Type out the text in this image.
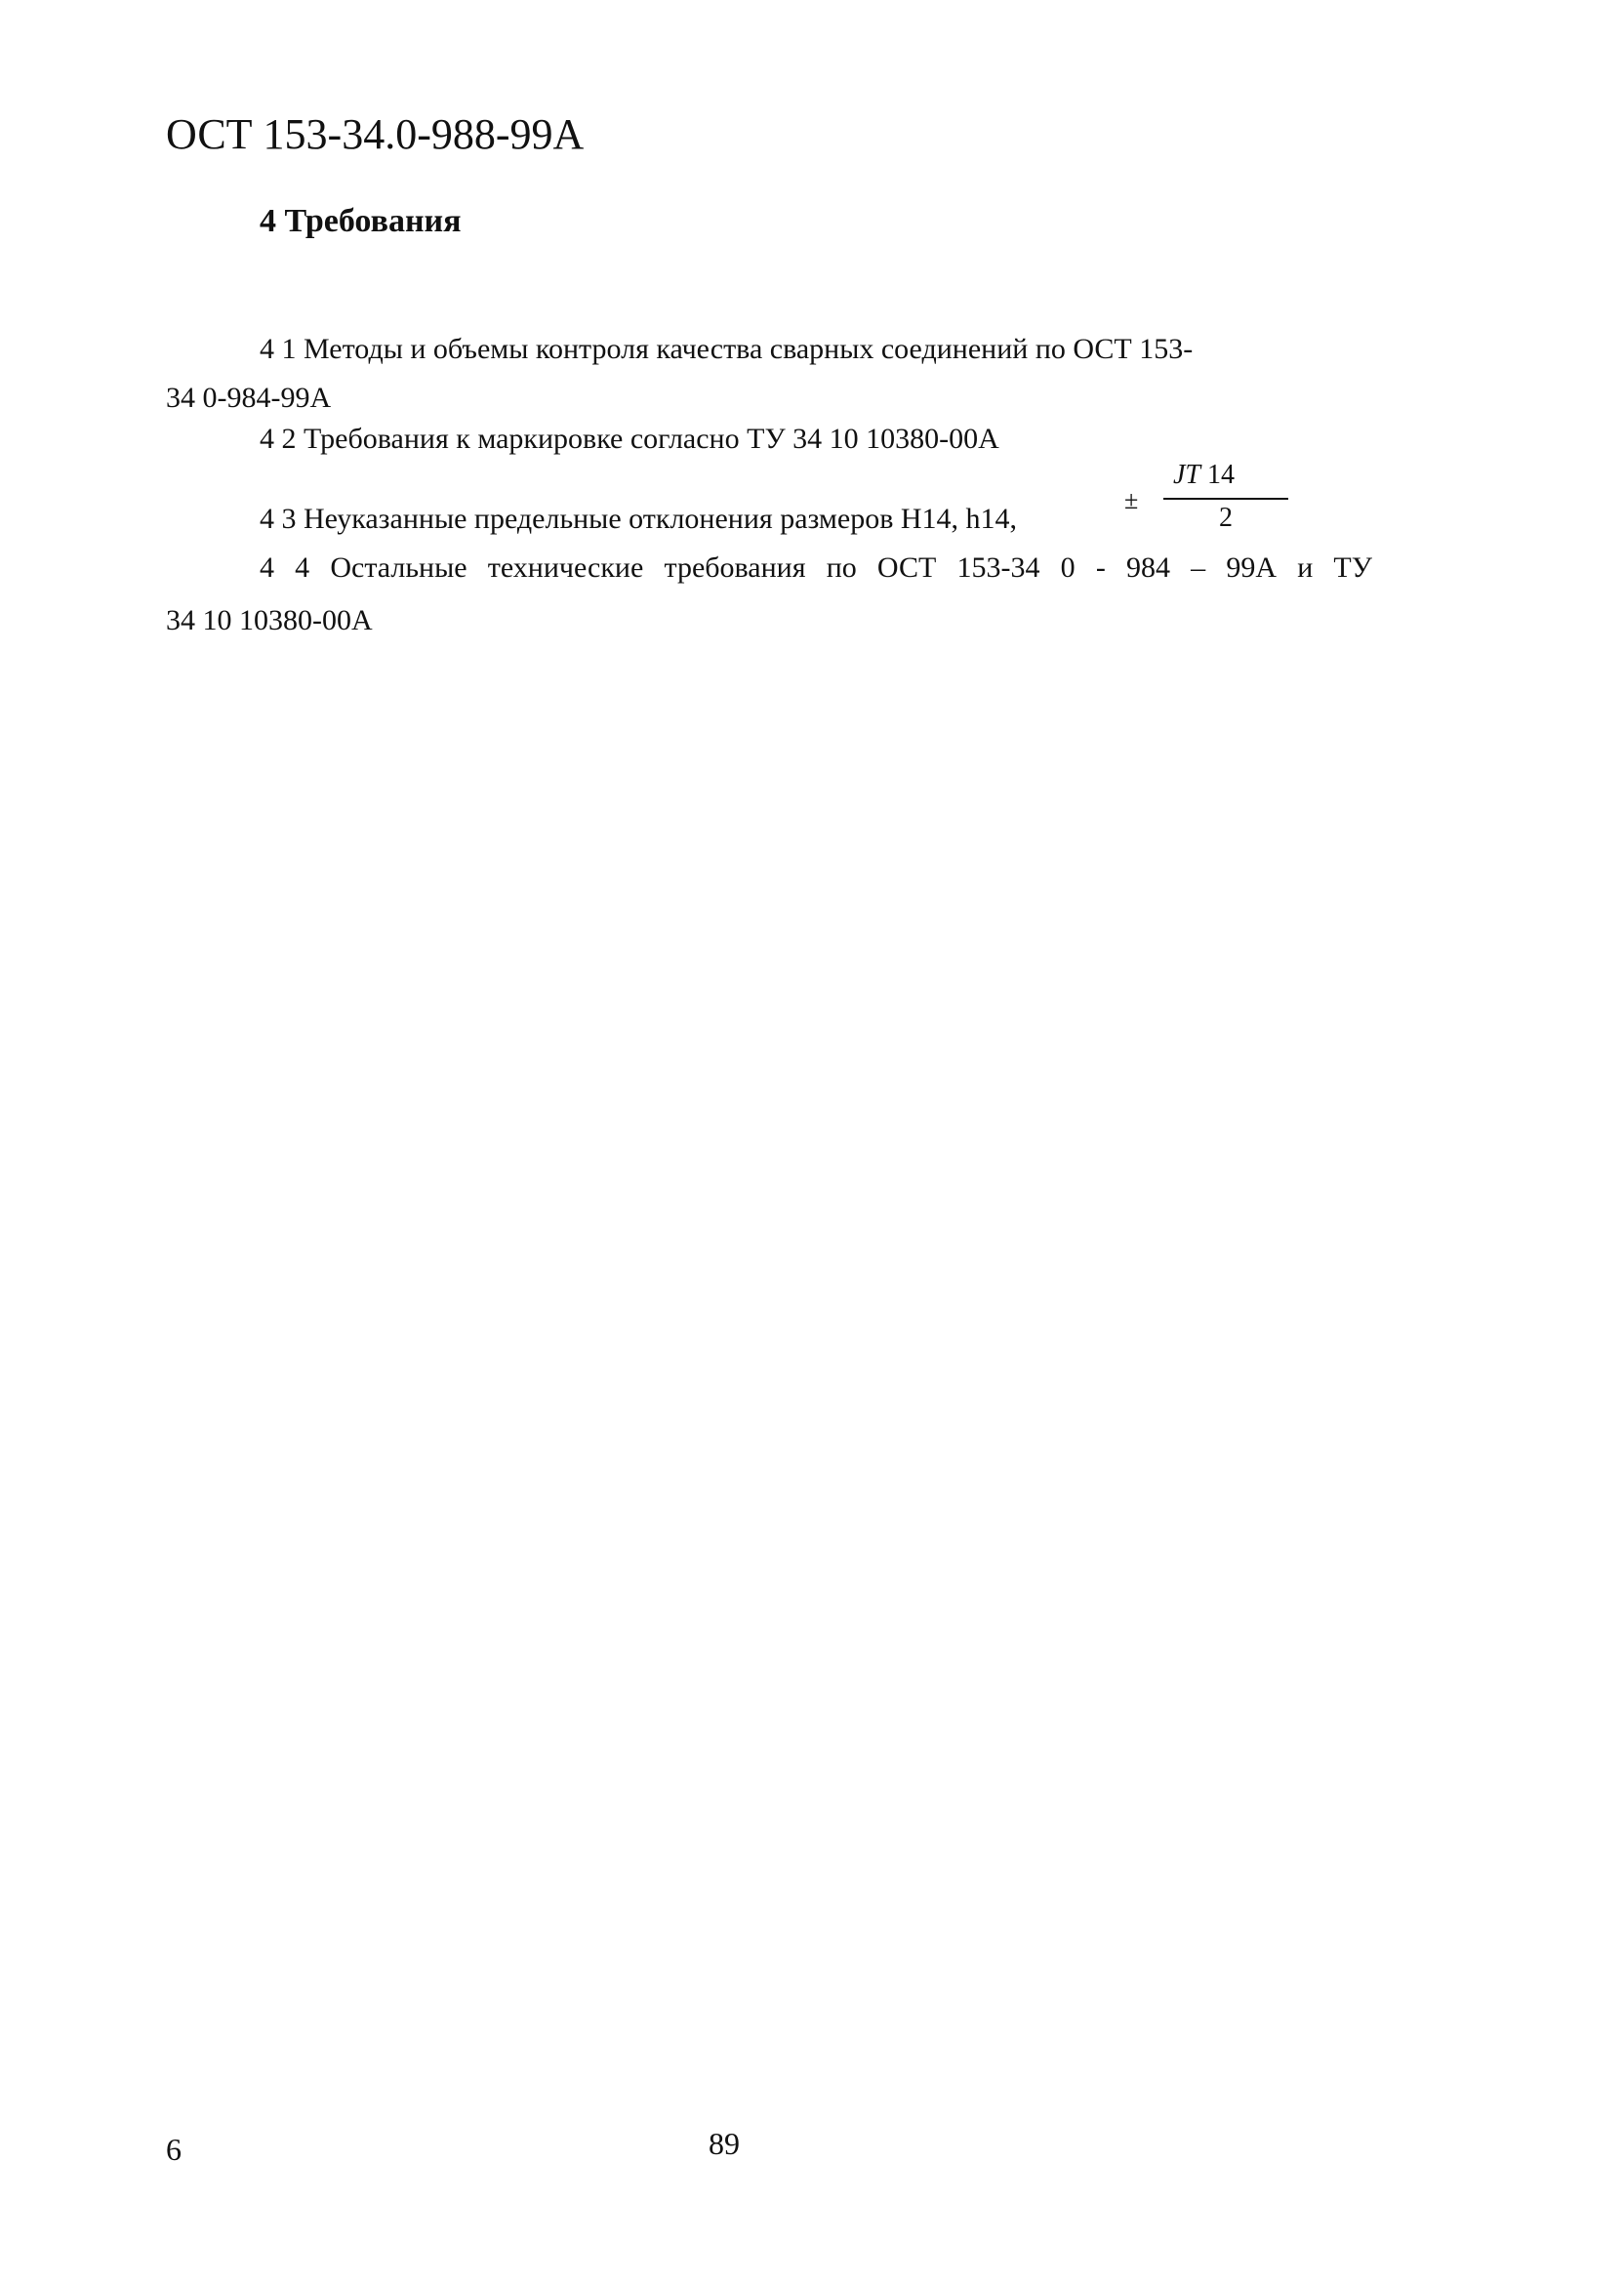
ОСТ 153-34.0-988-99А
4 Требования
4 1 Методы и объемы контроля качества сварных соединений по ОСТ 153-
34 0-984-99А
4 2 Требования к маркировке согласно ТУ 34 10 10380-00А
4 3 Неуказанные предельные отклонения размеров Н14, h14,
±
JT 14
2
4 4 Остальные технические требования по ОСТ 153-34 0 - 984 – 99А и ТУ
34 10 10380-00А
6	89
